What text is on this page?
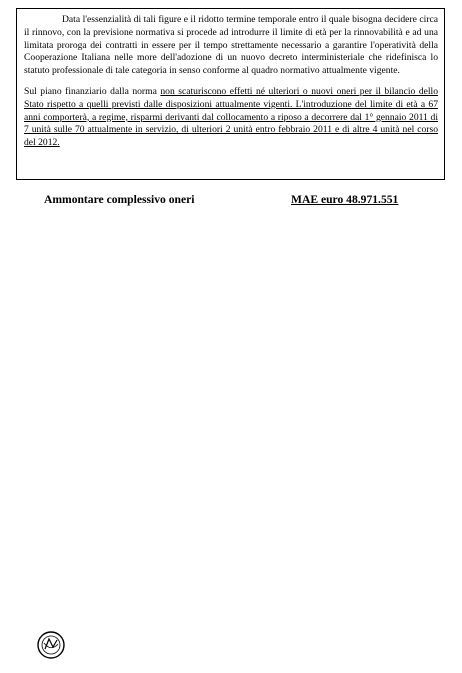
Data l'essenzialità di tali figure e il ridotto termine temporale entro il quale bisogna decidere circa il rinnovo, con la previsione normativa si procede ad introdurre il limite di età per la rinnovabilità e ad una limitata proroga dei contratti in essere per il tempo strettamente necessario a garantire l'operatività della Cooperazione Italiana nelle more dell'adozione di un nuovo decreto interministeriale che ridefinisca lo statuto professionale di tale categoria in senso conforme al quadro normativo attualmente vigente.

Sul piano finanziario dalla norma non scaturiscono effetti né ulteriori o nuovi oneri per il bilancio dello Stato rispetto a quelli previsti dalle disposizioni attualmente vigenti. L'introduzione del limite di età a 67 anni comporterà, a regime, risparmi derivanti dal collocamento a riposo a decorrere dal 1° gennaio 2011 di 7 unità sulle 70 attualmente in servizio, di ulteriori 2 unità entro febbraio 2011 e di altre 4 unità nel corso del 2012.

Ammontare complessivo oneri	MAE euro 48.971.551
